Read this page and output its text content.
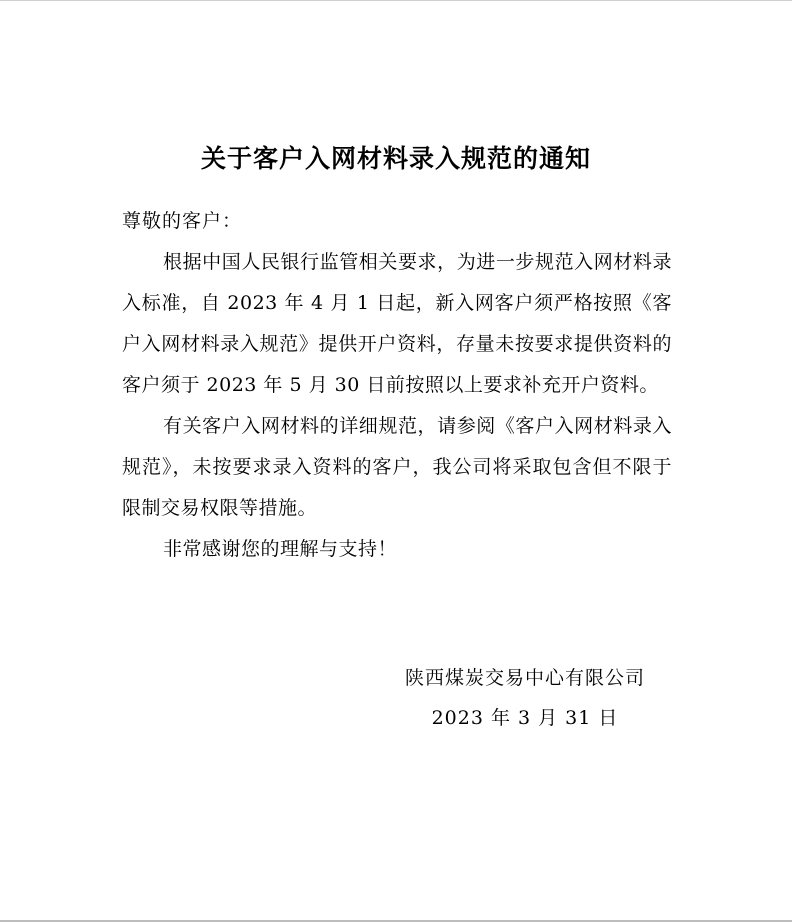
关于客户入网材料录入规范的通知

尊敬的客户：

根据中国人民银行监管相关要求，为进一步规范入网材料录入标准，自 2023 年 4 月 1 日起，新入网客户须严格按照《客户入网材料录入规范》提供开户资料，存量未按要求提供资料的客户须于 2023 年 5 月 30 日前按照以上要求补充开户资料。

有关客户入网材料的详细规范，请参阅《客户入网材料录入规范》，未按要求录入资料的客户，我公司将采取包含但不限于限制交易权限等措施。

非常感谢您的理解与支持！

陕西煤炭交易中心有限公司
2023 年 3 月 31 日
